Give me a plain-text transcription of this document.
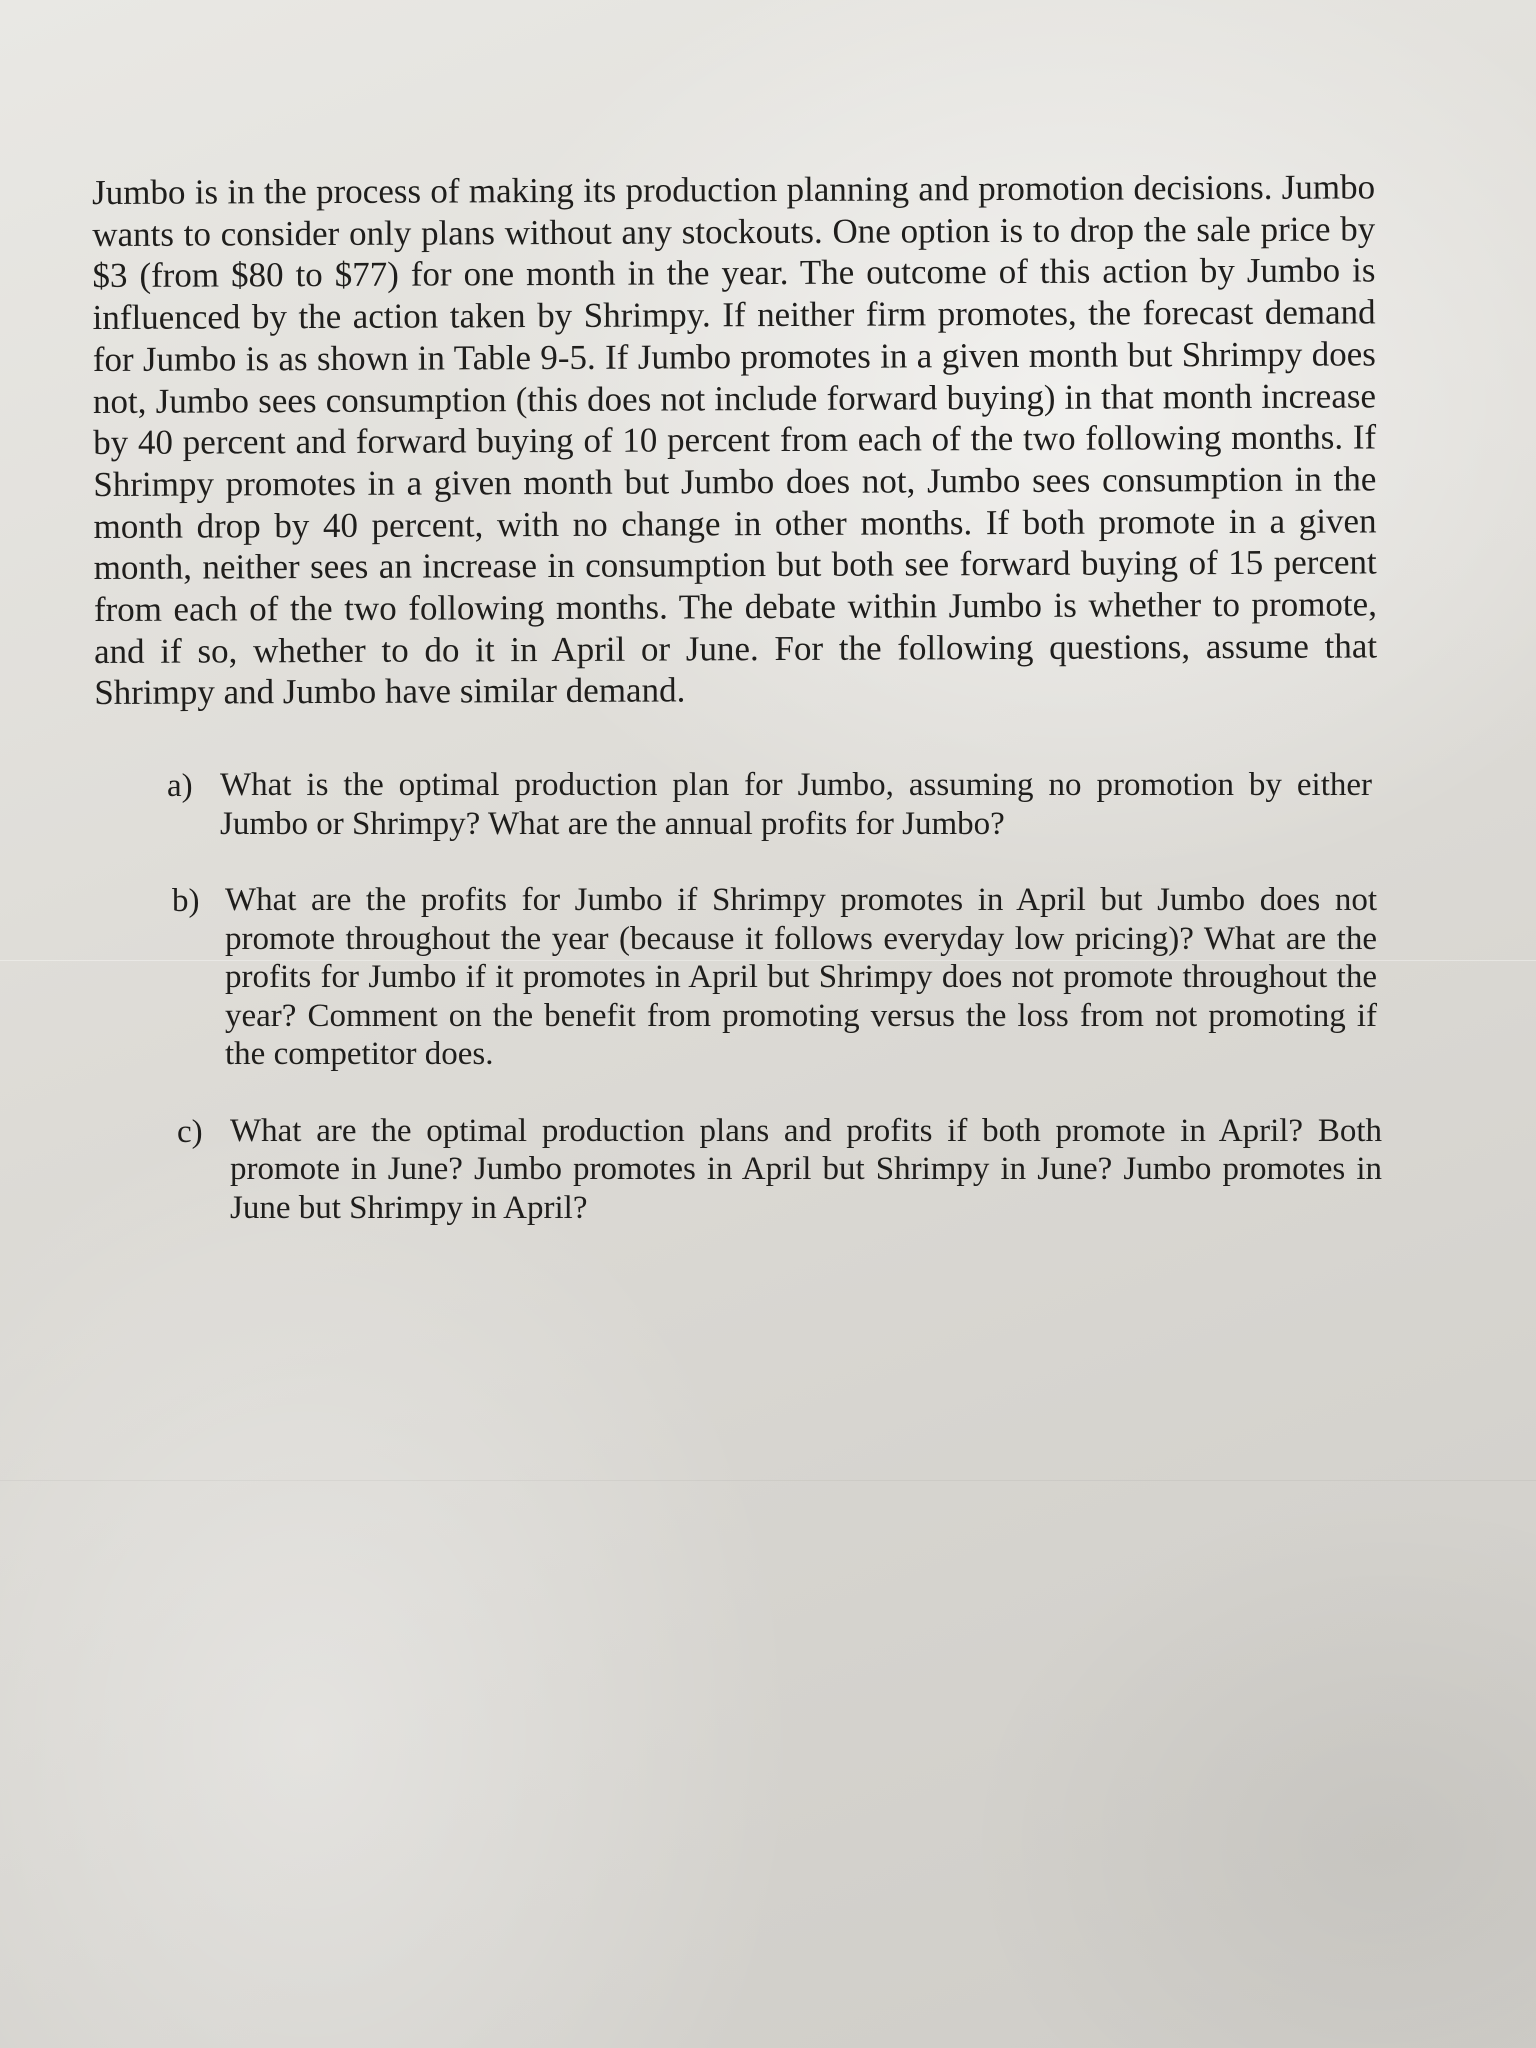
Jumbo is in the process of making its production planning and promotion decisions. Jumbo wants to consider only plans without any stockouts. One option is to drop the sale price by $3 (from $80 to $77) for one month in the year. The outcome of this action by Jumbo is influenced by the action taken by Shrimpy. If neither firm promotes, the forecast demand for Jumbo is as shown in Table 9-5. If Jumbo promotes in a given month but Shrimpy does not, Jumbo sees consumption (this does not include forward buying) in that month increase by 40 percent and forward buying of 10 percent from each of the two following months. If Shrimpy promotes in a given month but Jumbo does not, Jumbo sees consumption in the month drop by 40 percent, with no change in other months. If both promote in a given month, neither sees an increase in consumption but both see forward buying of 15 percent from each of the two following months. The debate within Jumbo is whether to promote, and if so, whether to do it in April or June. For the following questions, assume that Shrimpy and Jumbo have similar demand.

a) What is the optimal production plan for Jumbo, assuming no promotion by either Jumbo or Shrimpy? What are the annual profits for Jumbo?

b) What are the profits for Jumbo if Shrimpy promotes in April but Jumbo does not promote throughout the year (because it follows everyday low pricing)? What are the profits for Jumbo if it promotes in April but Shrimpy does not promote throughout the year? Comment on the benefit from promoting versus the loss from not promoting if the competitor does.

c) What are the optimal production plans and profits if both promote in April? Both promote in June? Jumbo promotes in April but Shrimpy in June? Jumbo promotes in June but Shrimpy in April?
